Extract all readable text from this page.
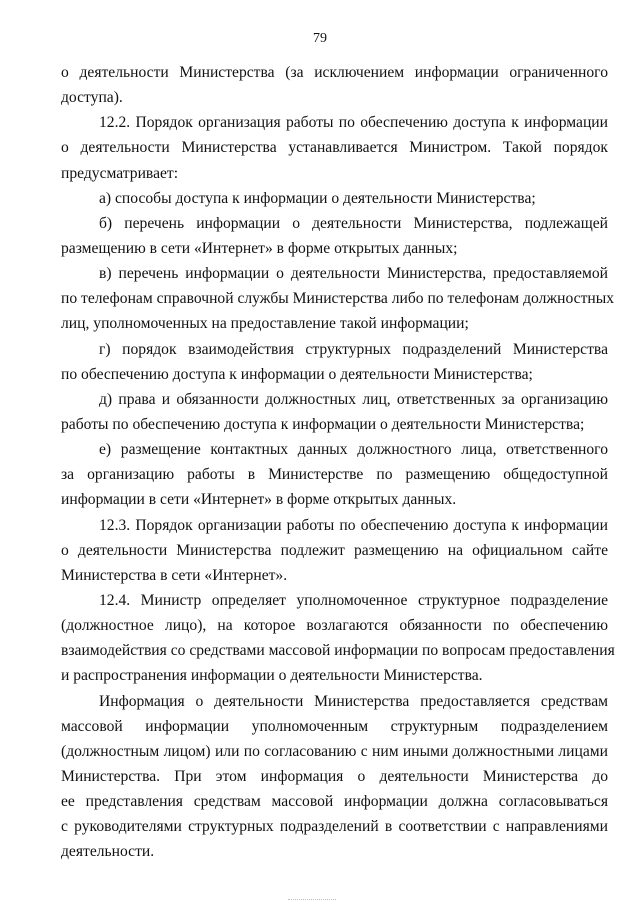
79
о деятельности Министерства (за исключением информации ограниченного
доступа).
12.2. Порядок организация работы по обеспечению доступа к информации
о деятельности Министерства устанавливается Министром. Такой порядок
предусматривает:
а) способы доступа к информации о деятельности Министерства;
б) перечень информации о деятельности Министерства, подлежащей
размещению в сети «Интернет» в форме открытых данных;
в) перечень информации о деятельности Министерства, предоставляемой
по телефонам справочной службы Министерства либо по телефонам должностных
лиц, уполномоченных на предоставление такой информации;
г) порядок взаимодействия структурных подразделений Министерства
по обеспечению доступа к информации о деятельности Министерства;
д) права и обязанности должностных лиц, ответственных за организацию
работы по обеспечению доступа к информации о деятельности Министерства;
е) размещение контактных данных должностного лица, ответственного
за организацию работы в Министерстве по размещению общедоступной
информации в сети «Интернет» в форме открытых данных.
12.3. Порядок организации работы по обеспечению доступа к информации
о деятельности Министерства подлежит размещению на официальном сайте
Министерства в сети «Интернет».
12.4. Министр определяет уполномоченное структурное подразделение
(должностное лицо), на которое возлагаются обязанности по обеспечению
взаимодействия со средствами массовой информации по вопросам предоставления
и распространения информации о деятельности Министерства.
Информация о деятельности Министерства предоставляется средствам
массовой информации уполномоченным структурным подразделением
(должностным лицом) или по согласованию с ним иными должностными лицами
Министерства. При этом информация о деятельности Министерства до
ее представления средствам массовой информации должна согласовываться
с руководителями структурных подразделений в соответствии с направлениями
деятельности.
